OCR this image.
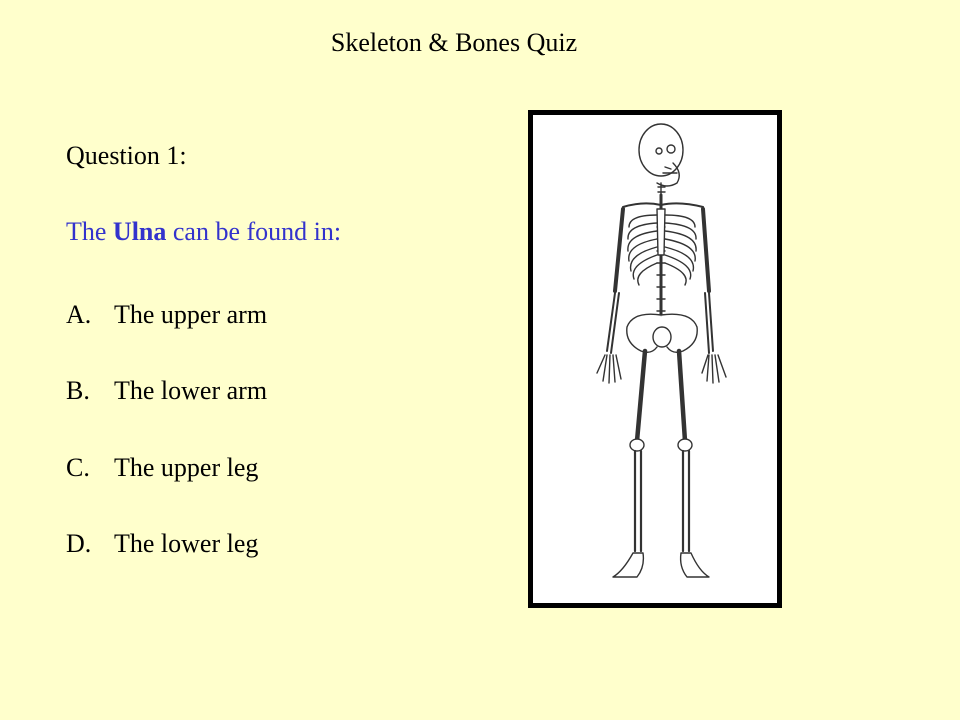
Skeleton & Bones Quiz
Question 1:
The Ulna can be found in:
A. The upper arm
B. The lower arm
C. The upper leg
D. The lower leg
